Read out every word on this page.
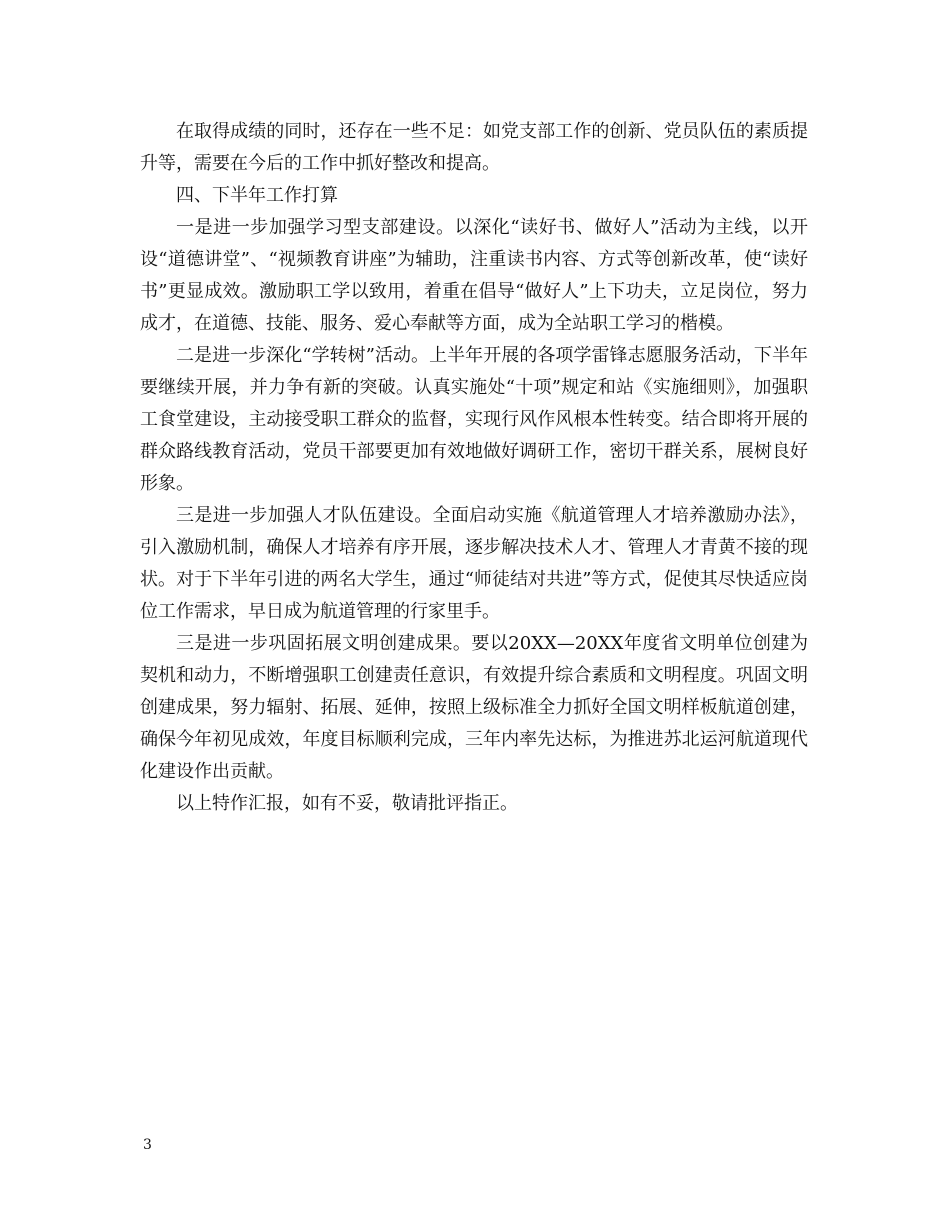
在取得成绩的同时，还存在一些不足：如党支部工作的创新、党员队伍的素质提升等，需要在今后的工作中抓好整改和提高。

四、下半年工作打算

一是进一步加强学习型支部建设。以深化“读好书、做好人”活动为主线，以开设“道德讲堂”、“视频教育讲座”为辅助，注重读书内容、方式等创新改革，使“读好书”更显成效。激励职工学以致用，着重在倡导“做好人”上下功夫，立足岗位，努力成才，在道德、技能、服务、爱心奉献等方面，成为全站职工学习的楷模。

二是进一步深化“学转树”活动。上半年开展的各项学雷锋志愿服务活动，下半年要继续开展，并力争有新的突破。认真实施处“十项”规定和站《实施细则》，加强职工食堂建设，主动接受职工群众的监督，实现行风作风根本性转变。结合即将开展的群众路线教育活动，党员干部要更加有效地做好调研工作，密切干群关系，展树良好形象。

三是进一步加强人才队伍建设。全面启动实施《航道管理人才培养激励办法》，引入激励机制，确保人才培养有序开展，逐步解决技术人才、管理人才青黄不接的现状。对于下半年引进的两名大学生，通过“师徒结对共进”等方式，促使其尽快适应岗位工作需求，早日成为航道管理的行家里手。

三是进一步巩固拓展文明创建成果。要以20XX—20XX年度省文明单位创建为契机和动力，不断增强职工创建责任意识，有效提升综合素质和文明程度。巩固文明创建成果，努力辐射、拓展、延伸，按照上级标准全力抓好全国文明样板航道创建，确保今年初见成效，年度目标顺利完成，三年内率先达标，为推进苏北运河航道现代化建设作出贡献。

以上特作汇报，如有不妥，敬请批评指正。

3
